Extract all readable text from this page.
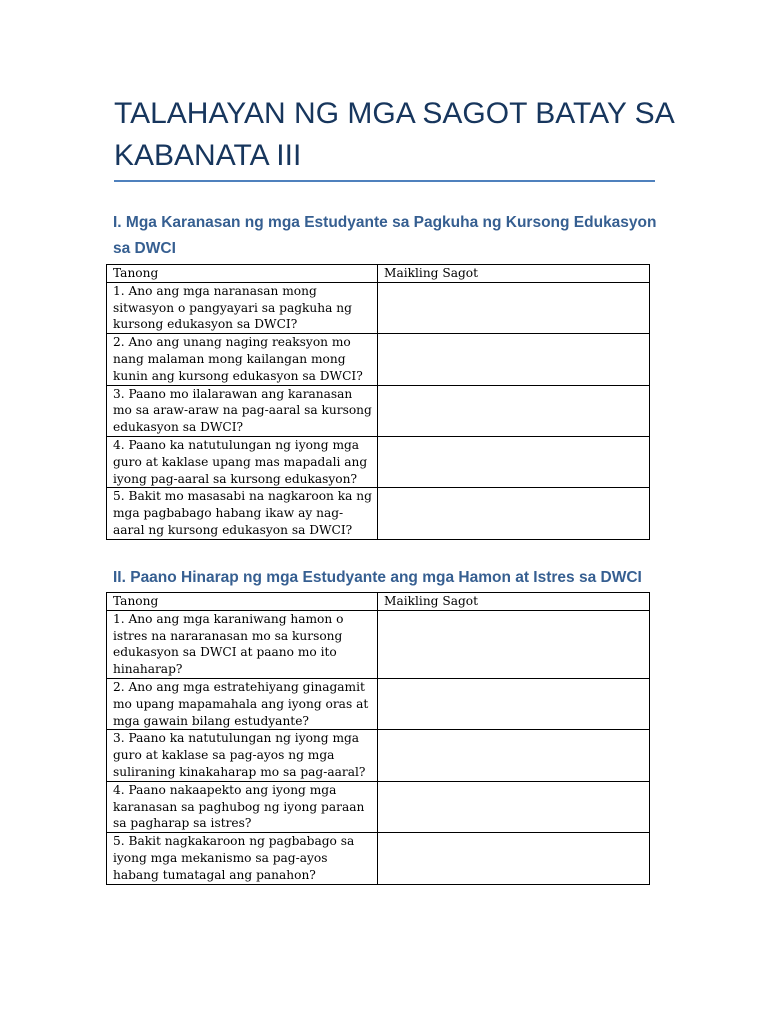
TALAHAYAN NG MGA SAGOT BATAY SA KABANATA III
I. Mga Karanasan ng mga Estudyante sa Pagkuha ng Kursong Edukasyon sa DWCI
Tanong	Maikling Sagot
1. Ano ang mga naranasan mong sitwasyon o pangyayari sa pagkuha ng kursong edukasyon sa DWCI?	
2. Ano ang unang naging reaksyon mo nang malaman mong kailangan mong kunin ang kursong edukasyon sa DWCI?	
3. Paano mo ilalarawan ang karanasan mo sa araw-araw na pag-aaral sa kursong edukasyon sa DWCI?	
4. Paano ka natutulungan ng iyong mga guro at kaklase upang mas mapadali ang iyong pag-aaral sa kursong edukasyon?	
5. Bakit mo masasabi na nagkaroon ka ng mga pagbabago habang ikaw ay nag-aaral ng kursong edukasyon sa DWCI?	
II. Paano Hinarap ng mga Estudyante ang mga Hamon at Istres sa DWCI
Tanong	Maikling Sagot
1. Ano ang mga karaniwang hamon o istres na nararanasan mo sa kursong edukasyon sa DWCI at paano mo ito hinaharap?	
2. Ano ang mga estratehiyang ginagamit mo upang mapamahala ang iyong oras at mga gawain bilang estudyante?	
3. Paano ka natutulungan ng iyong mga guro at kaklase sa pag-ayos ng mga suliraning kinakaharap mo sa pag-aaral?	
4. Paano nakaapekto ang iyong mga karanasan sa paghubog ng iyong paraan sa pagharap sa istres?	
5. Bakit nagkakaroon ng pagbabago sa iyong mga mekanismo sa pag-ayos habang tumatagal ang panahon?	
